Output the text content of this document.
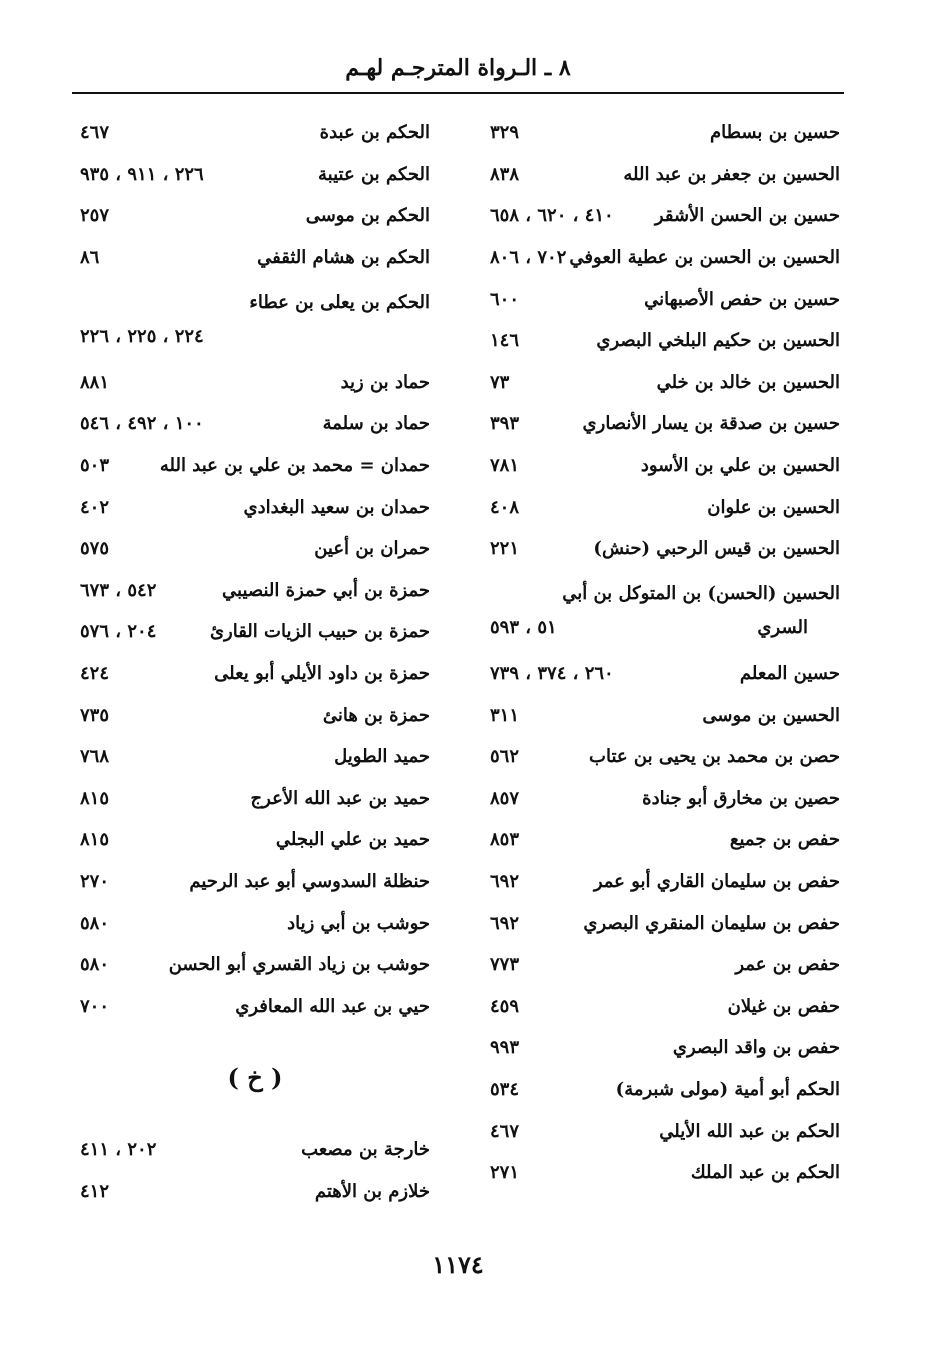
٨ ـ الـرواة المترجـم لهـم
حسين بن بسطام
٣٢٩
الحسين بن جعفر بن عبد الله
٨٣٨
حسين بن الحسن الأشقر
٤١٠ ، ٦٢٠ ، ٦٥٨
الحسين بن الحسن بن عطية العوفي
٧٠٢ ، ٨٠٦
حسين بن حفص الأصبهاني
٦٠٠
الحسين بن حكيم البلخي البصري
١٤٦
الحسين بن خالد بن خلي
٧٣
حسين بن صدقة بن يسار الأنصاري
٣٩٣
الحسين بن علي بن الأسود
٧٨١
الحسين بن علوان
٤٠٨
الحسين بن قيس الرحبي (حنش)
٢٢١
الحسين (الحسن) بن المتوكل بن أبي
السري
٥١ ، ٥٩٣
حسين المعلم
٢٦٠ ، ٣٧٤ ، ٧٣٩
الحسين بن موسى
٣١١
حصن بن محمد بن يحيى بن عتاب
٥٦٢
حصين بن مخارق أبو جنادة
٨٥٧
حفص بن جميع
٨٥٣
حفص بن سليمان القاري أبو عمر
٦٩٢
حفص بن سليمان المنقري البصري
٦٩٢
حفص بن عمر
٧٧٣
حفص بن غيلان
٤٥٩
حفص بن واقد البصري
٩٩٣
الحكم أبو أمية (مولى شبرمة)
٥٣٤
الحكم بن عبد الله الأيلي
٤٦٧
الحكم بن عبد الملك
٢٧١
الحكم بن عبدة
٤٦٧
الحكم بن عتيبة
٢٢٦ ، ٩١١ ، ٩٣٥
الحكم بن موسى
٢٥٧
الحكم بن هشام الثقفي
٨٦
الحكم بن يعلى بن عطاء
٢٢٤ ، ٢٢٥ ، ٢٢٦
حماد بن زيد
٨٨١
حماد بن سلمة
١٠٠ ، ٤٩٢ ، ٥٤٦
حمدان = محمد بن علي بن عبد الله
٥٠٣
حمدان بن سعيد البغدادي
٤٠٢
حمران بن أعين
٥٧٥
حمزة بن أبي حمزة النصيبي
٥٤٢ ، ٦٧٣
حمزة بن حبيب الزيات القارئ
٢٠٤ ، ٥٧٦
حمزة بن داود الأيلي أبو يعلى
٤٢٤
حمزة بن هانئ
٧٣٥
حميد الطويل
٧٦٨
حميد بن عبد الله الأعرج
٨١٥
حميد بن علي البجلي
٨١٥
حنظلة السدوسي أبو عبد الرحيم
٢٧٠
حوشب بن أبي زياد
٥٨٠
حوشب بن زياد القسري أبو الحسن
٥٨٠
حيي بن عبد الله المعافري
٧٠٠
( خ )
خارجة بن مصعب
٢٠٢ ، ٤١١
خلازم بن الأهتم
٤١٢
١١٧٤
